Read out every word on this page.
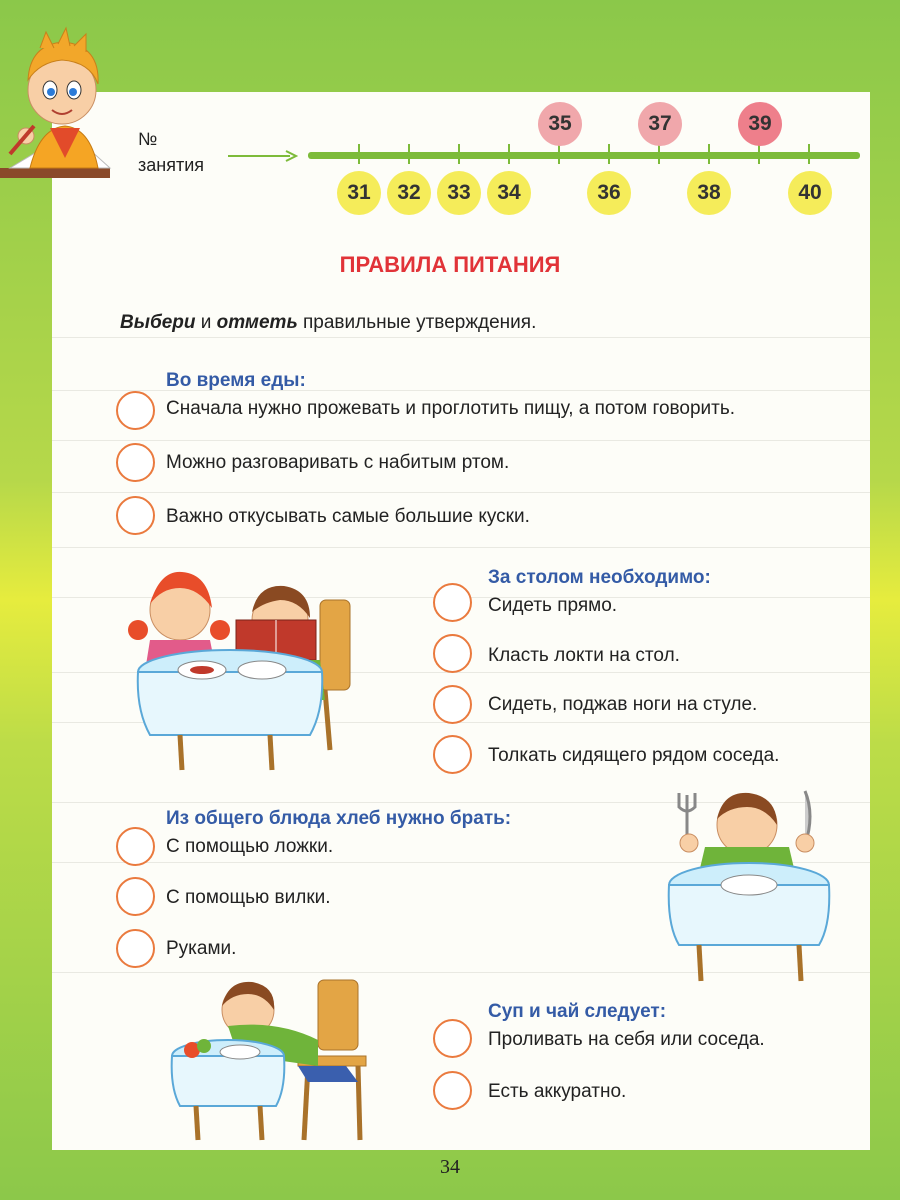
№
занятия
35	37	39
31	32	33	34	36	38	40
ПРАВИЛА ПИТАНИЯ
Выбери и отметь правильные утверждения.
Во время еды:
Сначала нужно прожевать и проглотить пищу, а потом говорить.
Можно разговаривать с набитым ртом.
Важно откусывать самые большие куски.
За столом необходимо:
Сидеть прямо.
Класть локти на стол.
Сидеть, поджав ноги на стуле.
Толкать сидящего рядом соседа.
Из общего блюда хлеб нужно брать:
С помощью ложки.
С помощью вилки.
Руками.
Суп и чай следует:
Проливать на себя или соседа.
Есть аккуратно.
34
